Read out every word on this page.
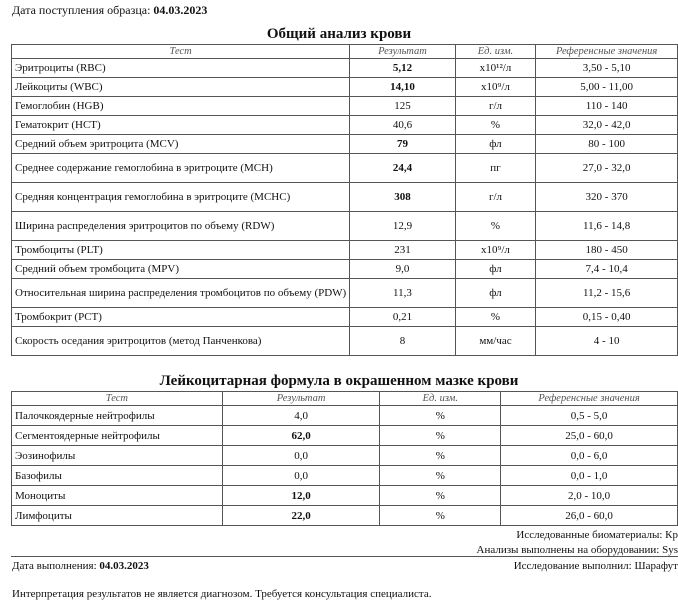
Дата поступления образца: 04.03.2023
Общий анализ крови
Тест	Результат	Ед. изм.	Референсные значения
Эритроциты (RBC)	5,12	x10¹²/л	3,50 - 5,10
Лейкоциты (WBC)	14,10	x10⁹/л	5,00 - 11,00
Гемоглобин (HGB)	125	г/л	110 - 140
Гематокрит (HCT)	40,6	%	32,0 - 42,0
Средний объем эритроцита (MCV)	79	фл	80 - 100
Среднее содержание гемоглобина в эритроците (MCH)	24,4	пг	27,0 - 32,0
Средняя концентрация гемоглобина в эритроците (MCHC)	308	г/л	320 - 370
Ширина распределения эритроцитов по объему (RDW)	12,9	%	11,6 - 14,8
Тромбоциты (PLT)	231	x10⁹/л	180 - 450
Средний объем тромбоцита (MPV)	9,0	фл	7,4 - 10,4
Относительная ширина распределения тромбоцитов по объему (PDW)	11,3	фл	11,2 - 15,6
Тромбокрит (PCT)	0,21	%	0,15 - 0,40
Скорость оседания эритроцитов (метод Панченкова)	8	мм/час	4 - 10
Лейкоцитарная формула в окрашенном мазке крови
Тест	Результат	Ед. изм.	Референсные значения
Палочкоядерные нейтрофилы	4,0	%	0,5 - 5,0
Сегментоядерные нейтрофилы	62,0	%	25,0 - 60,0
Эозинофилы	0,0	%	0,0 - 6,0
Базофилы	0,0	%	0,0 - 1,0
Моноциты	12,0	%	2,0 - 10,0
Лимфоциты	22,0	%	26,0 - 60,0
Исследованные биоматериалы: Кр
Анализы выполнены на оборудовании: Sys
Дата выполнения: 04.03.2023	Исследование выполнил: Шарафут
Интерпретация результатов не является диагнозом. Требуется консультация специалиста.
